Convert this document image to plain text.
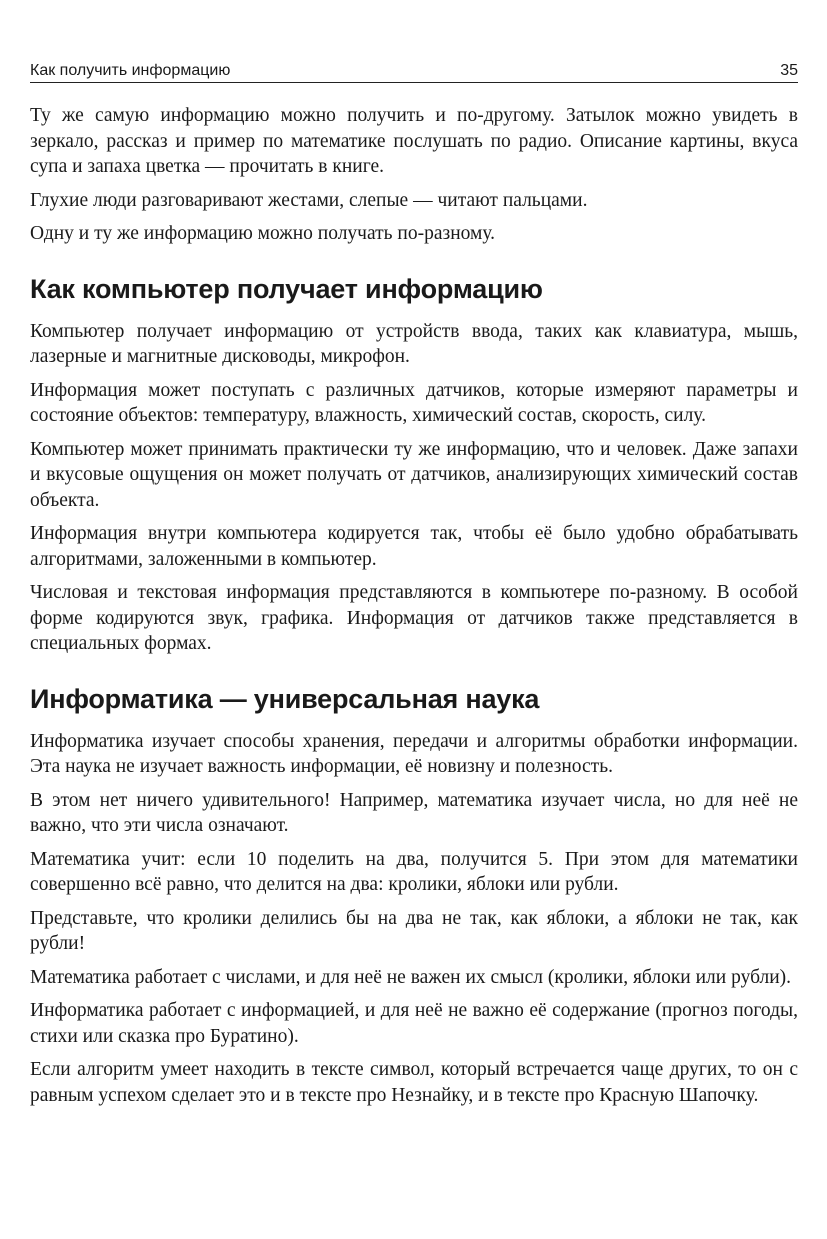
Как получить информацию	35

Ту же самую информацию можно получить и по-другому. Затылок можно увидеть в зеркало, рассказ и пример по математике послушать по радио. Описание картины, вкуса супа и запаха цветка — прочитать в книге.

Глухие люди разговаривают жестами, слепые — читают пальцами.

Одну и ту же информацию можно получать по-разному.

Как компьютер получает информацию

Компьютер получает информацию от устройств ввода, таких как клавиатура, мышь, лазерные и магнитные дисководы, микрофон.

Информация может поступать с различных датчиков, которые измеряют параметры и состояние объектов: температуру, влажность, химический состав, скорость, силу.

Компьютер может принимать практически ту же информацию, что и человек. Даже запахи и вкусовые ощущения он может получать от датчиков, анализирующих химический состав объекта.

Информация внутри компьютера кодируется так, чтобы её было удобно обрабатывать алгоритмами, заложенными в компьютер.

Числовая и текстовая информация представляются в компьютере по-разному. В особой форме кодируются звук, графика. Информация от датчиков также представляется в специальных формах.

Информатика — универсальная наука

Информатика изучает способы хранения, передачи и алгоритмы обработки информации. Эта наука не изучает важность информации, её новизну и полезность.

В этом нет ничего удивительного! Например, математика изучает числа, но для неё не важно, что эти числа означают.

Математика учит: если 10 поделить на два, получится 5. При этом для математики совершенно всё равно, что делится на два: кролики, яблоки или рубли.

Представьте, что кролики делились бы на два не так, как яблоки, а яблоки не так, как рубли!

Математика работает с числами, и для неё не важен их смысл (кролики, яблоки или рубли).

Информатика работает с информацией, и для неё не важно её содержание (прогноз погоды, стихи или сказка про Буратино).

Если алгоритм умеет находить в тексте символ, который встречается чаще других, то он с равным успехом сделает это и в тексте про Незнайку, и в тексте про Красную Шапочку.
